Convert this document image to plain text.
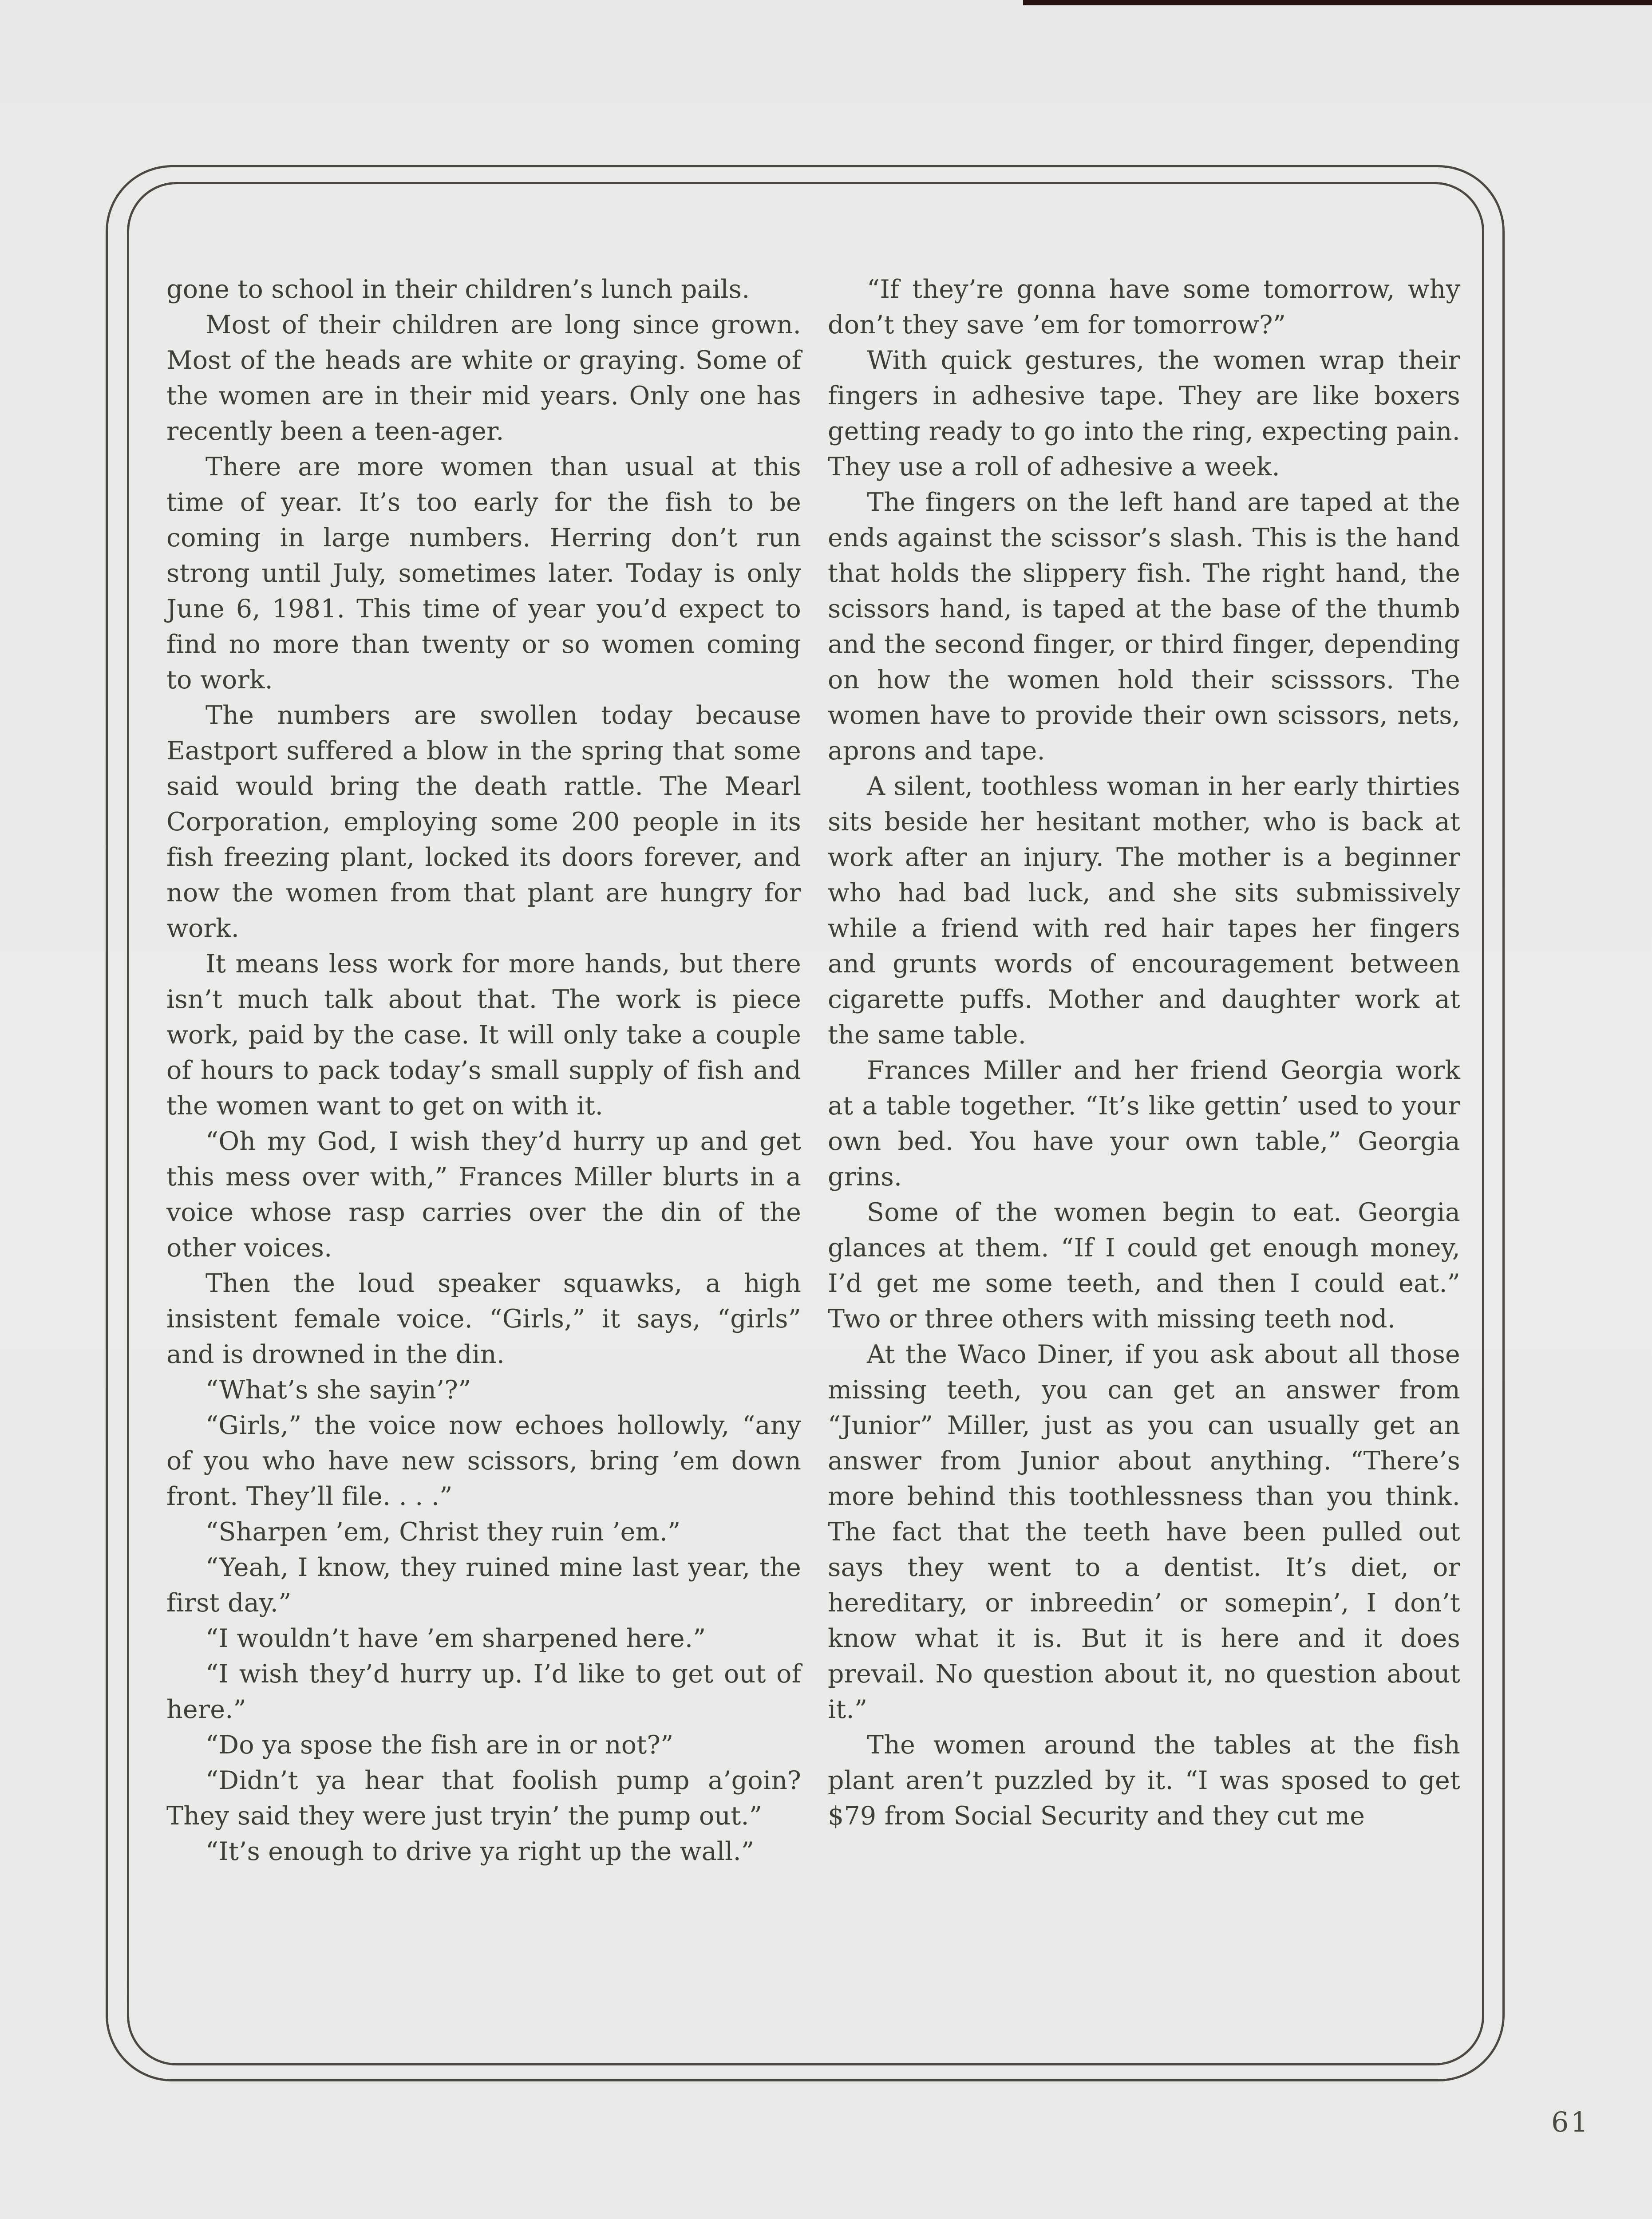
gone to school in their children’s lunch pails.

Most of their children are long since grown. Most of the heads are white or graying. Some of the women are in their mid years. Only one has recently been a teen-ager.

There are more women than usual at this time of year. It’s too early for the fish to be coming in large numbers. Herring don’t run strong until July, sometimes later. Today is only June 6, 1981. This time of year you’d expect to find no more than twenty or so women coming to work.

The numbers are swollen today because Eastport suffered a blow in the spring that some said would bring the death rattle. The Mearl Corporation, employing some 200 people in its fish freezing plant, locked its doors forever, and now the women from that plant are hungry for work.

It means less work for more hands, but there isn’t much talk about that. The work is piece work, paid by the case. It will only take a couple of hours to pack today’s small supply of fish and the women want to get on with it.

“Oh my God, I wish they’d hurry up and get this mess over with,” Frances Miller blurts in a voice whose rasp carries over the din of the other voices.

Then the loud speaker squawks, a high insistent female voice. “Girls,” it says, “girls” and is drowned in the din.

“What’s she sayin’?”

“Girls,” the voice now echoes hollowly, “any of you who have new scissors, bring ’em down front. They’ll file. . . .”

“Sharpen ’em, Christ they ruin ’em.”

“Yeah, I know, they ruined mine last year, the first day.”

“I wouldn’t have ’em sharpened here.”

“I wish they’d hurry up. I’d like to get out of here.”

“Do ya spose the fish are in or not?”

“Didn’t ya hear that foolish pump a’goin? They said they were just tryin’ the pump out.”

“It’s enough to drive ya right up the wall.”

“If they’re gonna have some tomorrow, why don’t they save ’em for tomorrow?”

With quick gestures, the women wrap their fingers in adhesive tape. They are like boxers getting ready to go into the ring, expecting pain. They use a roll of adhesive a week.

The fingers on the left hand are taped at the ends against the scissor’s slash. This is the hand that holds the slippery fish. The right hand, the scissors hand, is taped at the base of the thumb and the second finger, or third finger, depending on how the women hold their scisssors. The women have to provide their own scissors, nets, aprons and tape.

A silent, toothless woman in her early thirties sits beside her hesitant mother, who is back at work after an injury. The mother is a beginner who had bad luck, and she sits submissively while a friend with red hair tapes her fingers and grunts words of encouragement between cigarette puffs. Mother and daughter work at the same table.

Frances Miller and her friend Georgia work at a table together. “It’s like gettin’ used to your own bed. You have your own table,” Georgia grins.

Some of the women begin to eat. Georgia glances at them. “If I could get enough money, I’d get me some teeth, and then I could eat.” Two or three others with missing teeth nod.

At the Waco Diner, if you ask about all those missing teeth, you can get an answer from “Junior” Miller, just as you can usually get an answer from Junior about anything. “There’s more behind this toothlessness than you think. The fact that the teeth have been pulled out says they went to a dentist. It’s diet, or hereditary, or inbreedin’ or somepin’, I don’t know what it is. But it is here and it does prevail. No question about it, no question about it.”

The women around the tables at the fish plant aren’t puzzled by it. “I was sposed to get $79 from Social Security and they cut me

61
